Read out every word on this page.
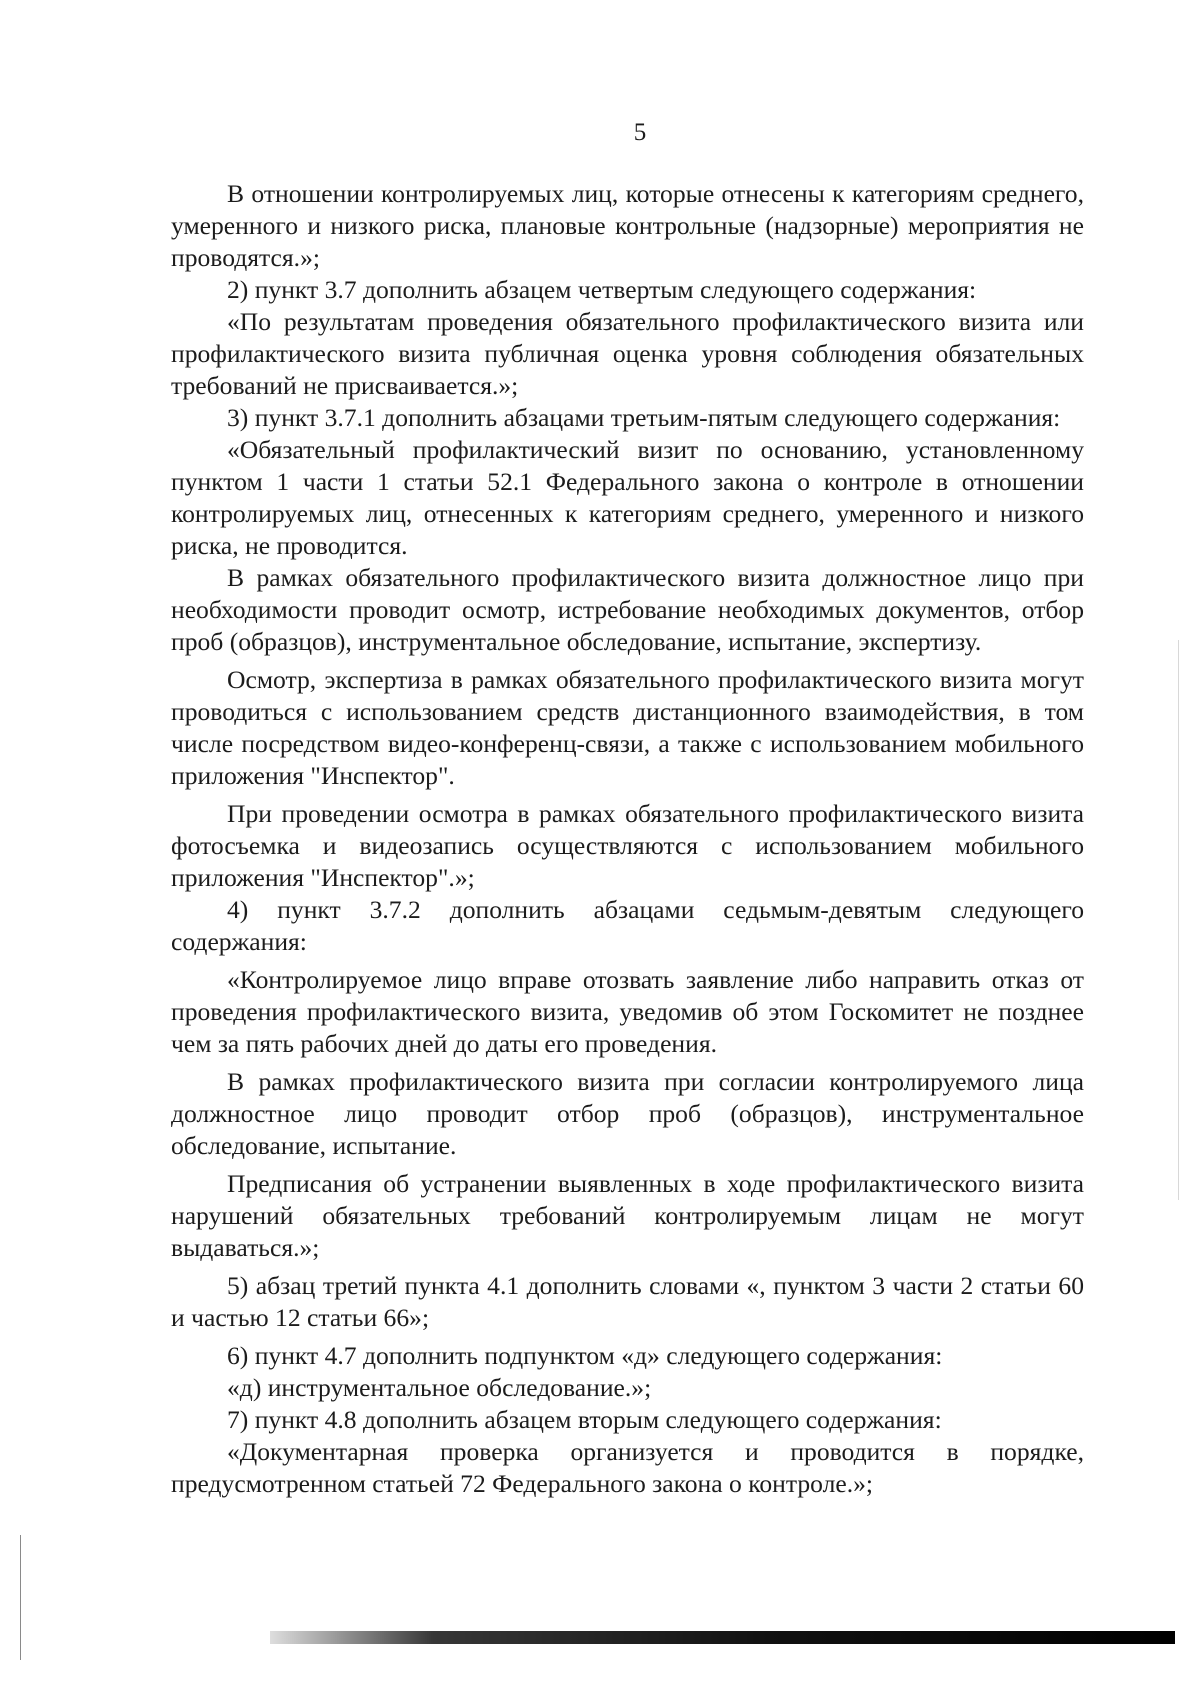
5

В отношении контролируемых лиц, которые отнесены к категориям среднего, умеренного и низкого риска, плановые контрольные (надзорные) мероприятия не проводятся.»;

2) пункт 3.7 дополнить абзацем четвертым следующего содержания:

«По результатам проведения обязательного профилактического визита или профилактического визита публичная оценка уровня соблюдения обязательных требований не присваивается.»;

3) пункт 3.7.1 дополнить абзацами третьим-пятым следующего содержания:

«Обязательный профилактический визит по основанию, установленному пунктом 1 части 1 статьи 52.1 Федерального закона о контроле в отношении контролируемых лиц, отнесенных к категориям среднего, умеренного и низкого риска, не проводится.

В рамках обязательного профилактического визита должностное лицо при необходимости проводит осмотр, истребование необходимых документов, отбор проб (образцов), инструментальное обследование, испытание, экспертизу.

Осмотр, экспертиза в рамках обязательного профилактического визита могут проводиться с использованием средств дистанционного взаимодействия, в том числе посредством видео-конференц-связи, а также с использованием мобильного приложения "Инспектор".

При проведении осмотра в рамках обязательного профилактического визита фотосъемка и видеозапись осуществляются с использованием мобильного приложения "Инспектор".»;

4) пункт 3.7.2 дополнить абзацами седьмым-девятым следующего содержания:

«Контролируемое лицо вправе отозвать заявление либо направить отказ от проведения профилактического визита, уведомив об этом Госкомитет не позднее чем за пять рабочих дней до даты его проведения.

В рамках профилактического визита при согласии контролируемого лица должностное лицо проводит отбор проб (образцов), инструментальное обследование, испытание.

Предписания об устранении выявленных в ходе профилактического визита нарушений обязательных требований контролируемым лицам не могут выдаваться.»;

5) абзац третий пункта 4.1 дополнить словами «, пунктом 3 части 2 статьи 60 и частью 12 статьи 66»;

6) пункт 4.7 дополнить подпунктом «д» следующего содержания:

«д) инструментальное обследование.»;

7) пункт 4.8 дополнить абзацем вторым следующего содержания:

«Документарная проверка организуется и проводится в порядке, предусмотренном статьей 72 Федерального закона о контроле.»;
